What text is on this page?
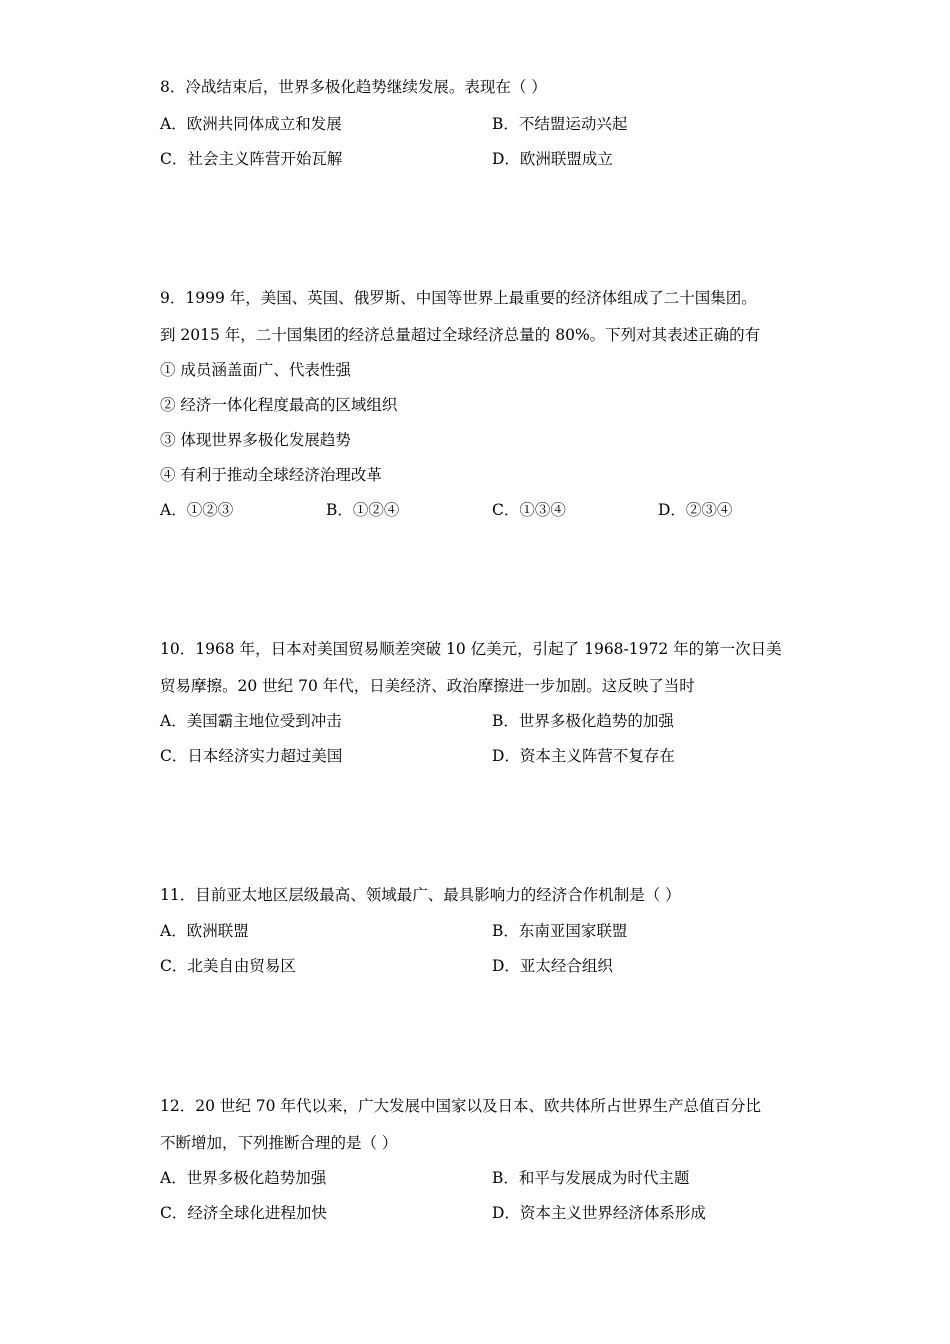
8．冷战结束后，世界多极化趋势继续发展。表现在（ ）
A．欧洲共同体成立和发展	B．不结盟运动兴起
C．社会主义阵营开始瓦解	D．欧洲联盟成立
9．1999 年，美国、英国、俄罗斯、中国等世界上最重要的经济体组成了二十国集团。
到 2015 年，二十国集团的经济总量超过全球经济总量的 80%。下列对其表述正确的有
① 成员涵盖面广、代表性强
② 经济一体化程度最高的区域组织
③ 体现世界多极化发展趋势
④ 有利于推动全球经济治理改革
A．①②③	B．①②④	C．①③④	D．②③④
10．1968 年，日本对美国贸易顺差突破 10 亿美元，引起了 1968-1972 年的第一次日美
贸易摩擦。20 世纪 70 年代，日美经济、政治摩擦进一步加剧。这反映了当时
A．美国霸主地位受到冲击	B．世界多极化趋势的加强
C．日本经济实力超过美国	D．资本主义阵营不复存在
11．目前亚太地区层级最高、领域最广、最具影响力的经济合作机制是（ ）
A．欧洲联盟	B．东南亚国家联盟
C．北美自由贸易区	D．亚太经合组织
12．20 世纪 70 年代以来，广大发展中国家以及日本、欧共体所占世界生产总值百分比
不断增加，下列推断合理的是（ ）
A．世界多极化趋势加强	B．和平与发展成为时代主题
C．经济全球化进程加快	D．资本主义世界经济体系形成
